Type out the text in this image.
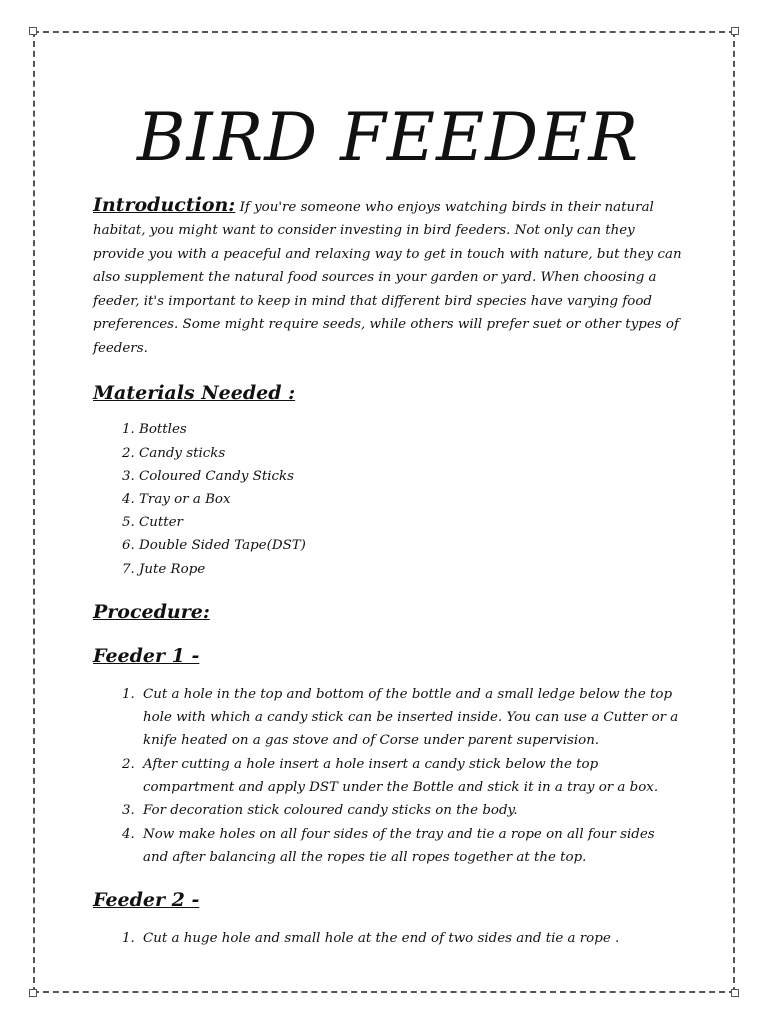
BIRD FEEDER

Introduction: If you're someone who enjoys watching birds in their natural habitat, you might want to consider investing in bird feeders. Not only can they provide you with a peaceful and relaxing way to get in touch with nature, but they can also supplement the natural food sources in your garden or yard. When choosing a feeder, it's important to keep in mind that different bird species have varying food preferences. Some might require seeds, while others will prefer suet or other types of feeders.

Materials Needed :
1. Bottles
2. Candy sticks
3. Coloured Candy Sticks
4. Tray or a Box
5. Cutter
6. Double Sided Tape(DST)
7. Jute Rope
Procedure:
Feeder 1 -
1. Cut a hole in the top and bottom of the bottle and a small ledge below the top hole with which a candy stick can be inserted inside. You can use a Cutter or a knife heated on a gas stove and of Corse under parent supervision.
2. After cutting a hole insert a hole insert a candy stick below the top compartment and apply DST under the Bottle and stick it in a tray or a box.
3. For decoration stick coloured candy sticks on the body.
4. Now make holes on all four sides of the tray and tie a rope on all four sides and after balancing all the ropes tie all ropes together at the top.
Feeder 2 -
1. Cut a huge hole and small hole at the end of two sides and tie a rope .
